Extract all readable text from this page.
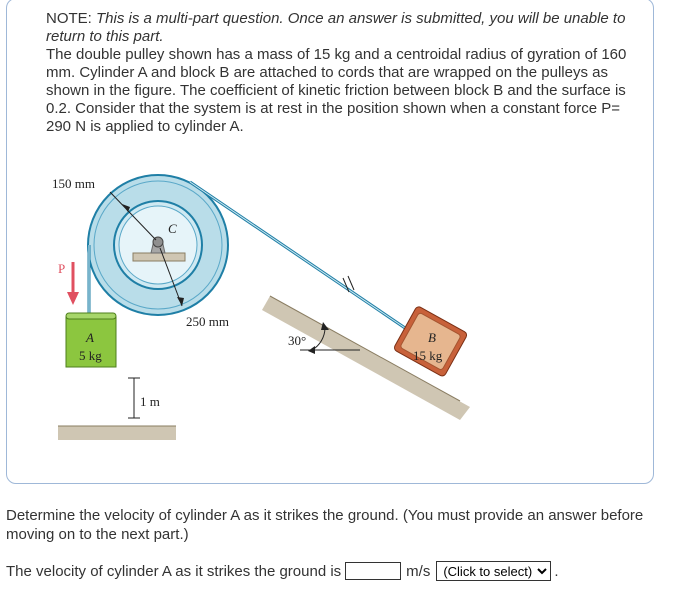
NOTE: This is a multi-part question. Once an answer is submitted, you will be unable to return to this part.

The double pulley shown has a mass of 15 kg and a centroidal radius of gyration of 160 mm. Cylinder A and block B are attached to cords that are wrapped on the pulleys as shown in the figure. The coefficient of kinetic friction between block B and the surface is 0.2. Consider that the system is at rest in the position shown when a constant force P= 290 N is applied to cylinder A.

C
150 mm
250 mm
P
A
5 kg
1 m
30°	B
15 kg
Determine the velocity of cylinder A as it strikes the ground. (You must provide an answer before moving on to the next part.)
The velocity of cylinder A as it strikes the ground is	m/s
(Click to select)	.
